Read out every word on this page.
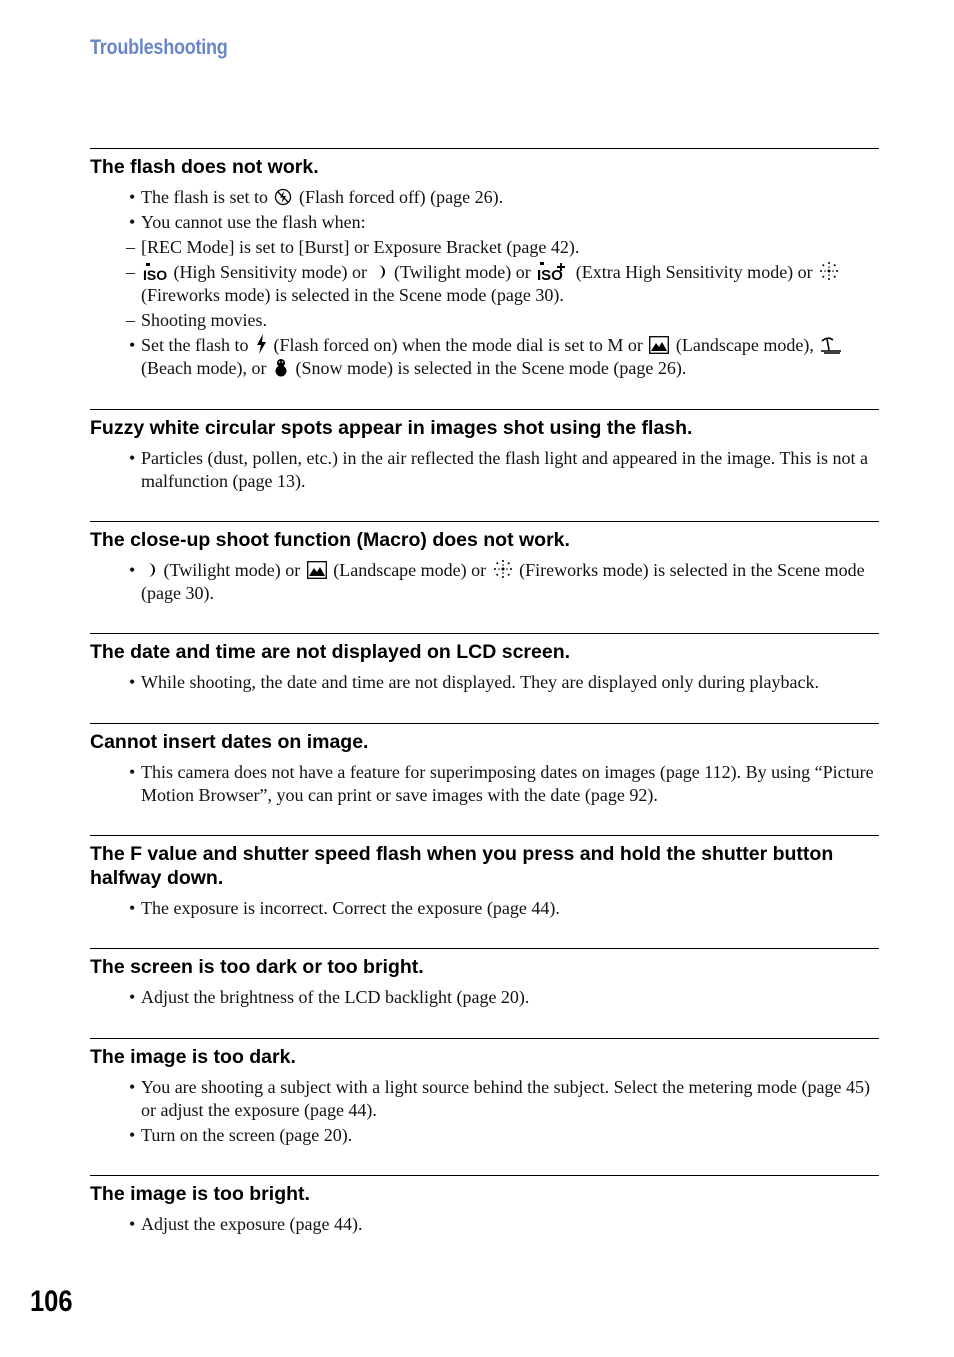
Troubleshooting
The flash does not work.
• The flash is set to (Flash forced off) (page 26).
• You cannot use the flash when:
– [REC Mode] is set to [Burst] or Exposure Bracket (page 42).
– ISO (High Sensitivity mode) or (Twilight mode) or ISO (Extra High Sensitivity mode) or
(Fireworks mode) is selected in the Scene mode (page 30).
– Shooting movies.
• Set the flash to (Flash forced on) when the mode dial is set to M or (Landscape mode),
(Beach mode), or (Snow mode) is selected in the Scene mode (page 26).
Fuzzy white circular spots appear in images shot using the flash.
• Particles (dust, pollen, etc.) in the air reflected the flash light and appeared in the image. This is not a malfunction (page 13).
The close-up shoot function (Macro) does not work.
• (Twilight mode) or (Landscape mode) or (Fireworks mode) is selected in the Scene mode (page 30).
The date and time are not displayed on LCD screen.
• While shooting, the date and time are not displayed. They are displayed only during playback.
Cannot insert dates on image.
• This camera does not have a feature for superimposing dates on images (page 112). By using “Picture Motion Browser”, you can print or save images with the date (page 92).
The F value and shutter speed flash when you press and hold the shutter button halfway down.
• The exposure is incorrect. Correct the exposure (page 44).
The screen is too dark or too bright.
• Adjust the brightness of the LCD backlight (page 20).
The image is too dark.
• You are shooting a subject with a light source behind the subject. Select the metering mode (page 45) or adjust the exposure (page 44).
• Turn on the screen (page 20).
The image is too bright.
• Adjust the exposure (page 44).
106
